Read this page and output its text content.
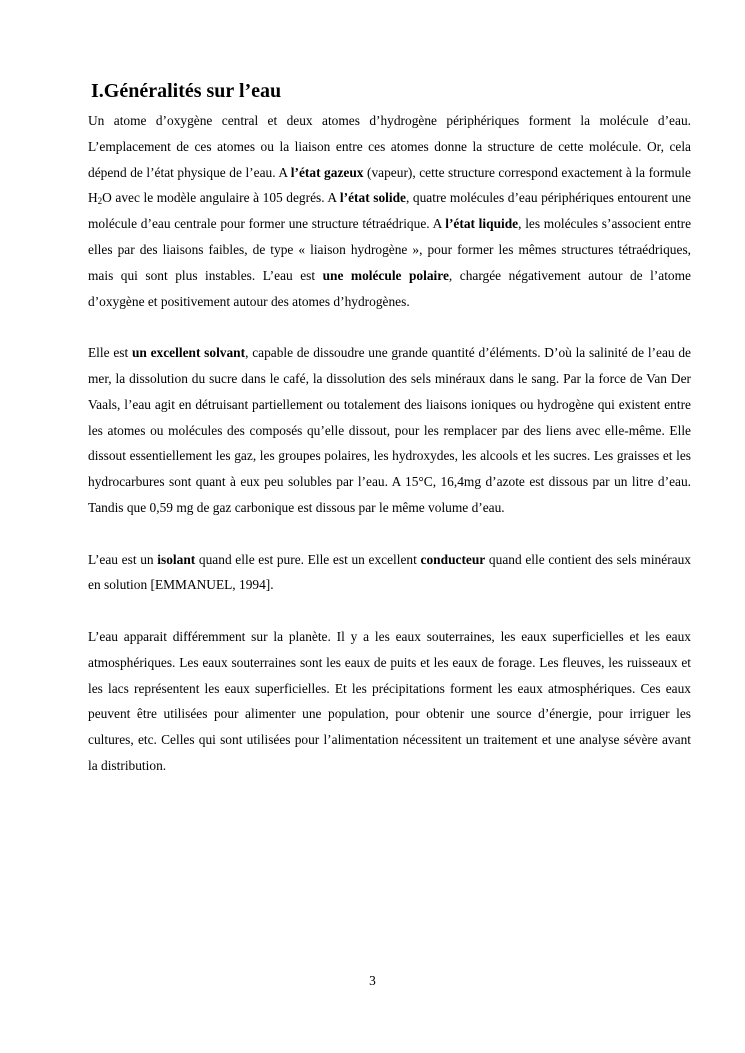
I.Généralités sur l’eau

Un atome d’oxygène central et deux atomes d’hydrogène périphériques forment la molécule d’eau. L’emplacement de ces atomes ou la liaison entre ces atomes donne la structure de cette molécule. Or, cela dépend de l’état physique de l’eau. A l’état gazeux (vapeur), cette structure correspond exactement à la formule $H_2O$ avec le modèle angulaire à 105 degrés. A l’état solide, quatre molécules d’eau périphériques entourent une molécule d’eau centrale pour former une structure tétraédrique. A l’état liquide, les molécules s’associent entre elles par des liaisons faibles, de type « liaison hydrogène », pour former les mêmes structures tétraédriques, mais qui sont plus instables. L’eau est une molécule polaire, chargée négativement autour de l’atome d’oxygène et positivement autour des atomes d’hydrogènes.

Elle est un excellent solvant, capable de dissoudre une grande quantité d’éléments. D’où la salinité de l’eau de mer, la dissolution du sucre dans le café, la dissolution des sels minéraux dans le sang. Par la force de Van Der Vaals, l’eau agit en détruisant partiellement ou totalement des liaisons ioniques ou hydrogène qui existent entre les atomes ou molécules des composés qu’elle dissout, pour les remplacer par des liens avec elle-même. Elle dissout essentiellement les gaz, les groupes polaires, les hydroxydes, les alcools et les sucres. Les graisses et les hydrocarbures sont quant à eux peu solubles par l’eau. A 15°C, 16,4mg d’azote est dissous par un litre d’eau. Tandis que 0,59 mg de gaz carbonique est dissous par le même volume d’eau.

L’eau est un isolant quand elle est pure. Elle est un excellent conducteur quand elle contient des sels minéraux en solution [EMMANUEL, 1994].

L’eau apparait différemment sur la planète. Il y a les eaux souterraines, les eaux superficielles et les eaux atmosphériques. Les eaux souterraines sont les eaux de puits et les eaux de forage. Les fleuves, les ruisseaux et les lacs représentent les eaux superficielles. Et les précipitations forment les eaux atmosphériques. Ces eaux peuvent être utilisées pour alimenter une population, pour obtenir une source d’énergie, pour irriguer les cultures, etc. Celles qui sont utilisées pour l’alimentation nécessitent un traitement et une analyse sévère avant la distribution.

3
